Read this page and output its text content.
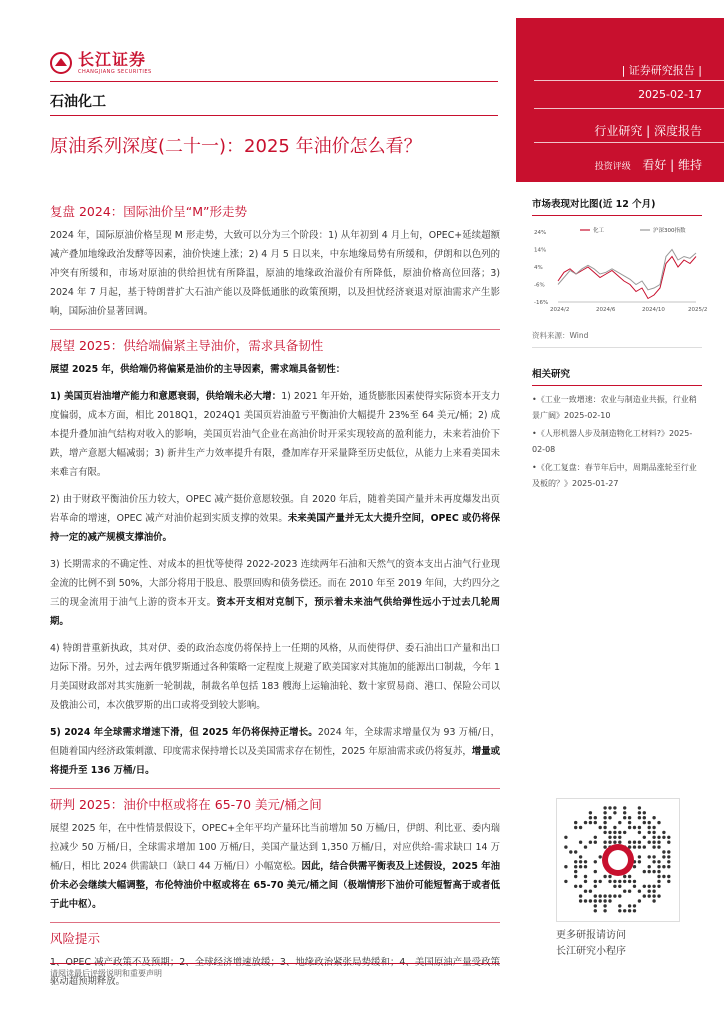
长江证券
CHANGJIANG SECURITIES
石油化工
原油系列深度(二十一)：2025 年油价怎么看？
| 证券研究报告 |
2025-02-17
行业研究 | 深度报告
投资评级 看好 | 维持
复盘 2024：国际油价呈“M”形走势

2024 年，国际原油价格呈现 M 形走势，大致可以分为三个阶段：1) 从年初到 4 月上旬，OPEC+延续超额减产叠加地缘政治发酵等因素，油价快速上涨；2) 4 月 5 日以来，中东地缘局势有所缓和，伊朗和以色列的冲突有所缓和，市场对原油的供给担忧有所降温，原油的地缘政治溢价有所降低，原油价格高位回落；3) 2024 年 7 月起，基于特朗普扩大石油产能以及降低通胀的政策预期，以及担忧经济衰退对原油需求产生影响，国际油价显著回调。

展望 2025：供给端偏紧主导油价，需求具备韧性

展望 2025 年，供给端仍将偏紧是油价的主导因素，需求端具备韧性：

1) 美国页岩油增产能力和意愿衰弱，供给端未必大增：1) 2021 年开始，通货膨胀因素使得实际资本开支力度偏弱，成本方面，相比 2018Q1，2024Q1 美国页岩油盈亏平衡油价大幅提升 23%至 64 美元/桶；2) 成本提升叠加油气结构对收入的影响，美国页岩油气企业在高油价时开采实现较高的盈利能力，未来若油价下跌，增产意愿大幅减弱；3) 新井生产力效率提升有限，叠加库存开采量降至历史低位，从能力上来看美国未来难言有限。

2) 由于财政平衡油价压力较大，OPEC 减产挺价意愿较强。自 2020 年后，随着美国产量并未再度爆发出页岩革命的增速，OPEC 减产对油价起到实质支撑的效果。未来美国产量并无太大提升空间，OPEC 或仍将保持一定的减产规模支撑油价。

3) 长期需求的不确定性、对成本的担忧等使得 2022-2023 连续两年石油和天然气的资本支出占油气行业现金流的比例不到 50%，大部分将用于股息、股票回购和债务偿还。而在 2010 年至 2019 年间，大约四分之三的现金流用于油气上游的资本开支。资本开支相对克制下，预示着未来油气供给弹性远小于过去几轮周期。

4) 特朗普重新执政，其对伊、委的政治态度仍将保持上一任期的风格，从而使得伊、委石油出口产量和出口边际下滑。另外，过去两年俄罗斯通过各种策略一定程度上规避了欧美国家对其施加的能源出口制裁，今年 1 月美国财政部对其实施新一轮制裁，制裁名单包括 183 艘海上运输油轮、数十家贸易商、港口、保险公司以及俄油公司，本次俄罗斯的出口或将受到较大影响。

5) 2024 年全球需求增速下滑，但 2025 年仍将保持正增长。2024 年，全球需求增量仅为 93 万桶/日，但随着国内经济政策刺激、印度需求保持增长以及美国需求存在韧性，2025 年原油需求或仍将复苏，增量或将提升至 136 万桶/日。

研判 2025：油价中枢或将在 65-70 美元/桶之间

展望 2025 年，在中性情景假设下，OPEC+全年平均产量环比当前增加 50 万桶/日，伊朗、利比亚、委内瑞拉减少 50 万桶/日，全球需求增加 100 万桶/日，美国产量达到 1,350 万桶/日，对应供给-需求缺口 14 万桶/日，相比 2024 供需缺口（缺口 44 万桶/日）小幅宽松。因此，结合供需平衡表及上述假设，2025 年油价未必会继续大幅调整，布伦特油价中枢或将在 65-70 美元/桶之间（极端情形下油价可能短暂高于或者低于此中枢）。

风险提示

驱动超预期释放。

市场表现对比图(近 12 个月)
24%
14%
4%
-6%
-16%
2024/2	2024/6	2024/10	2025/2
化工	沪深300指数
资料来源：Wind
相关研究
•《工业一致增速：农业与制造业共振，行业稍景广阔》2025-02-10
•《人形机器人步及制造物化工材料?》2025-02-08
•《化工复盘：春节年后中，周期品涨轮至行业及板的？》2025-01-27
更多研报请访问
长江研究小程序
请阅读最后评级说明和重要声明
